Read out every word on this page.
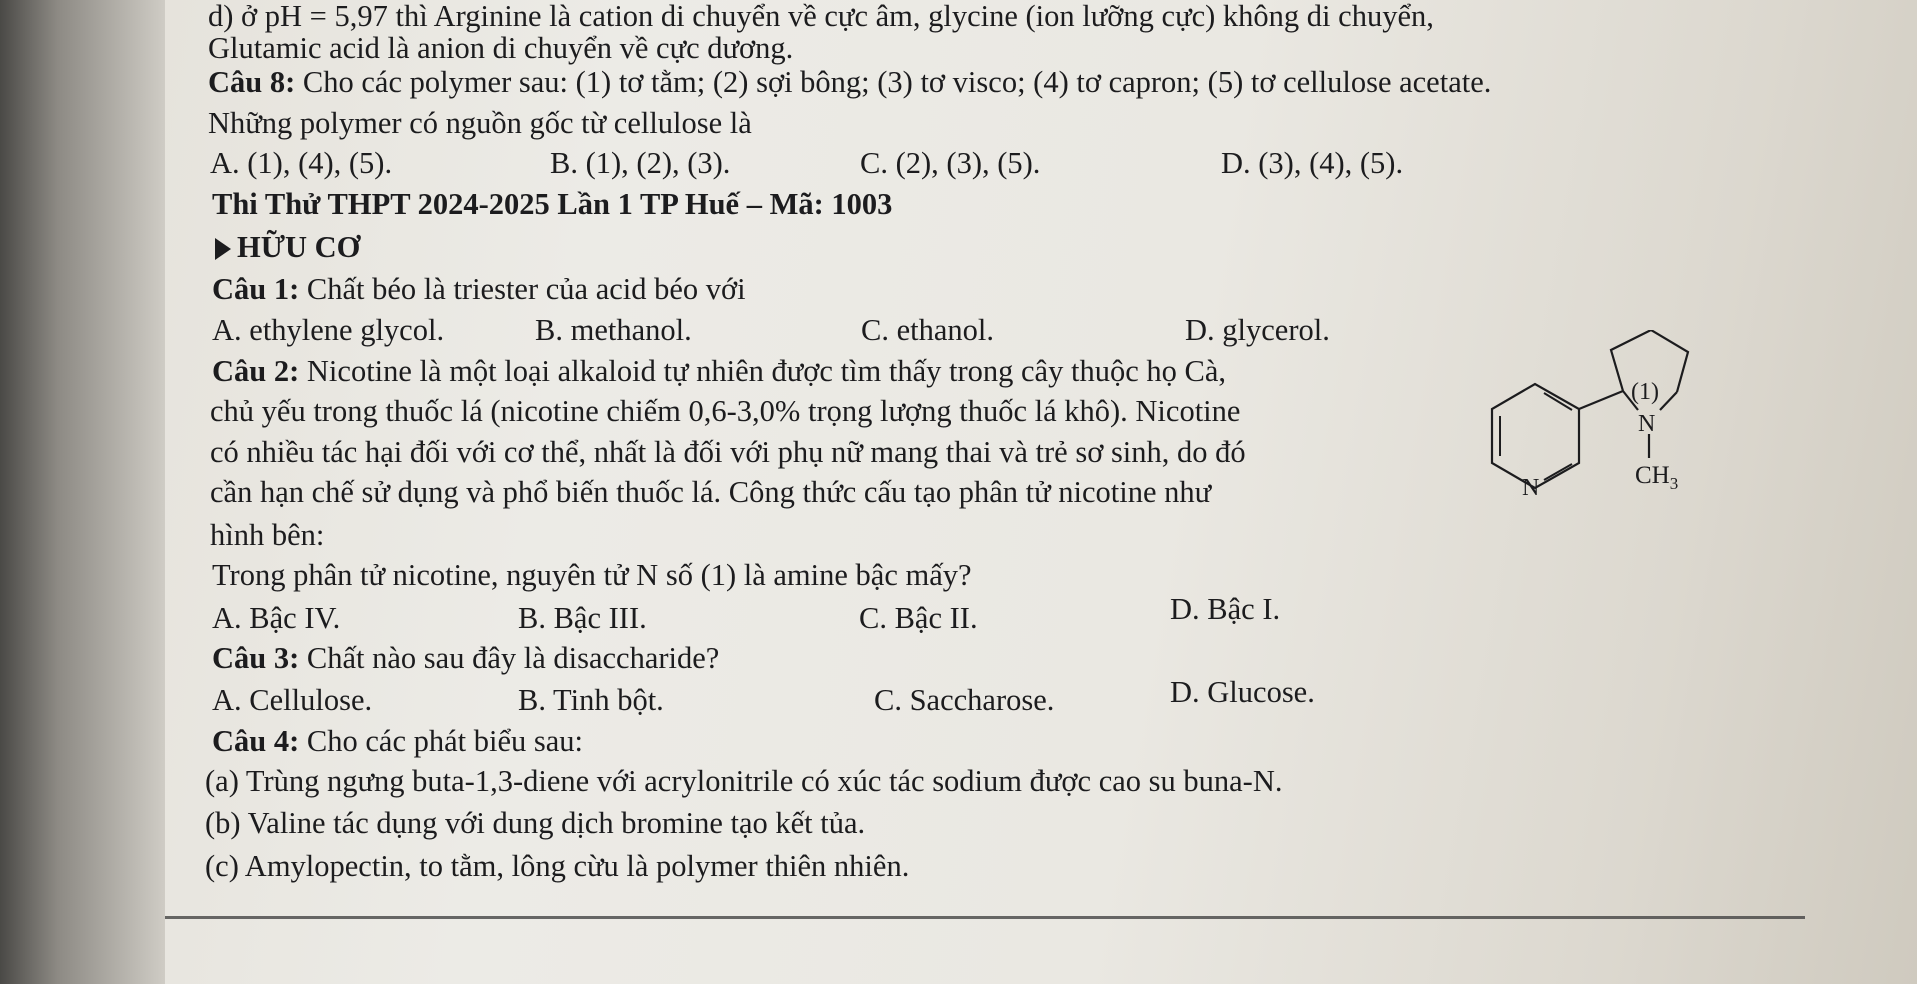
d) ở pH = 5,97 thì Arginine là cation di chuyển về cực âm, glycine (ion lưỡng cực) không di chuyển,
Glutamic acid là anion di chuyển về cực dương.
Câu 8: Cho các polymer sau: (1) tơ tằm; (2) sợi bông; (3) tơ visco; (4) tơ capron; (5) tơ cellulose acetate.
Những polymer có nguồn gốc từ cellulose là
A. (1), (4), (5).	B. (1), (2), (3).	C. (2), (3), (5).	D. (3), (4), (5).
Thi Thử THPT 2024-2025 Lần 1 TP Huế – Mã: 1003
HỮU CƠ
Câu 1: Chất béo là triester của acid béo với
A. ethylene glycol.	B. methanol.	C. ethanol.	D. glycerol.
Câu 2: Nicotine là một loại alkaloid tự nhiên được tìm thấy trong cây thuộc họ Cà,
chủ yếu trong thuốc lá (nicotine chiếm 0,6-3,0% trọng lượng thuốc lá khô). Nicotine
có nhiều tác hại đối với cơ thể, nhất là đối với phụ nữ mang thai và trẻ sơ sinh, do đó
cần hạn chế sử dụng và phổ biến thuốc lá. Công thức cấu tạo phân tử nicotine như
hình bên:
Trong phân tử nicotine, nguyên tử N số (1) là amine bậc mấy?
A. Bậc IV.	B. Bậc III.	C. Bậc II.	D. Bậc I.
Câu 3: Chất nào sau đây là disaccharide?
A. Cellulose.	B. Tinh bột.	C. Saccharose.	D. Glucose.
Câu 4: Cho các phát biểu sau:
(a) Trùng ngưng buta-1,3-diene với acrylonitrile có xúc tác sodium được cao su buna-N.
(b) Valine tác dụng với dung dịch bromine tạo kết tủa.
(c) Amylopectin, to tằm, lông cừu là polymer thiên nhiên.
(1)
N
N	$CH_3$
